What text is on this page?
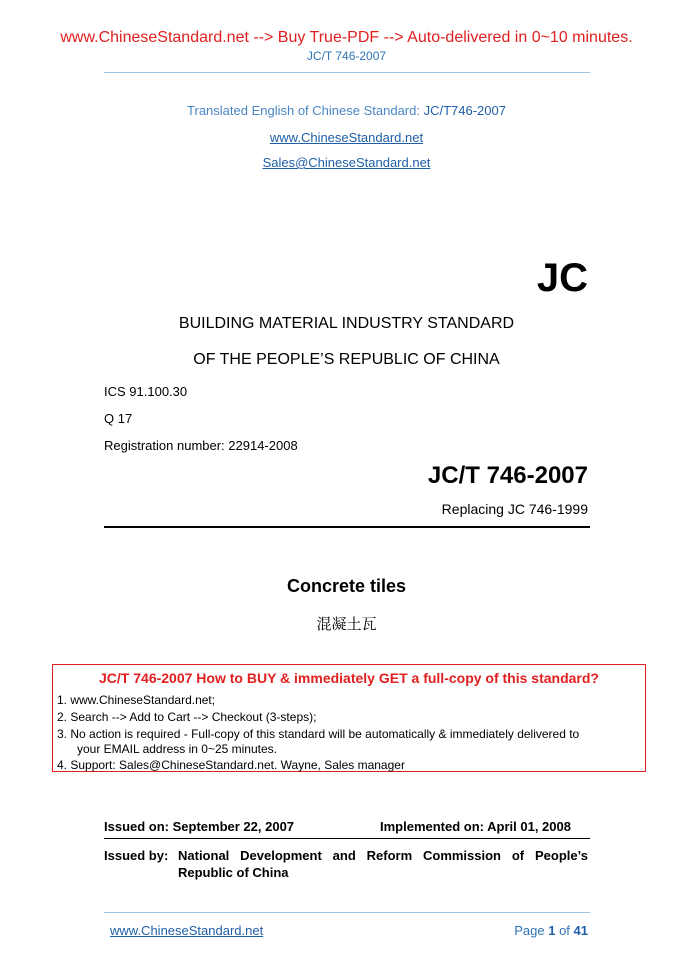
www.ChineseStandard.net --> Buy True-PDF --> Auto-delivered in 0~10 minutes.
JC/T 746-2007
Translated English of Chinese Standard: JC/T746-2007
www.ChineseStandard.net
Sales@ChineseStandard.net
JC
BUILDING MATERIAL INDUSTRY STANDARD
OF THE PEOPLE’S REPUBLIC OF CHINA
ICS 91.100.30
Q 17
Registration number: 22914-2008
JC/T 746-2007
Replacing JC 746-1999
Concrete tiles
混凝土瓦
JC/T 746-2007 How to BUY & immediately GET a full-copy of this standard?
1. www.ChineseStandard.net;
2. Search --> Add to Cart --> Checkout (3-steps);
3. No action is required - Full-copy of this standard will be automatically & immediately delivered to
your EMAIL address in 0~25 minutes.
4. Support: Sales@ChineseStandard.net. Wayne, Sales manager
Issued on: September 22, 2007	Implemented on: April 01, 2008
Issued by: National Development and Reform Commission of People’s
Republic of China
www.ChineseStandard.net	Page 1 of 41
